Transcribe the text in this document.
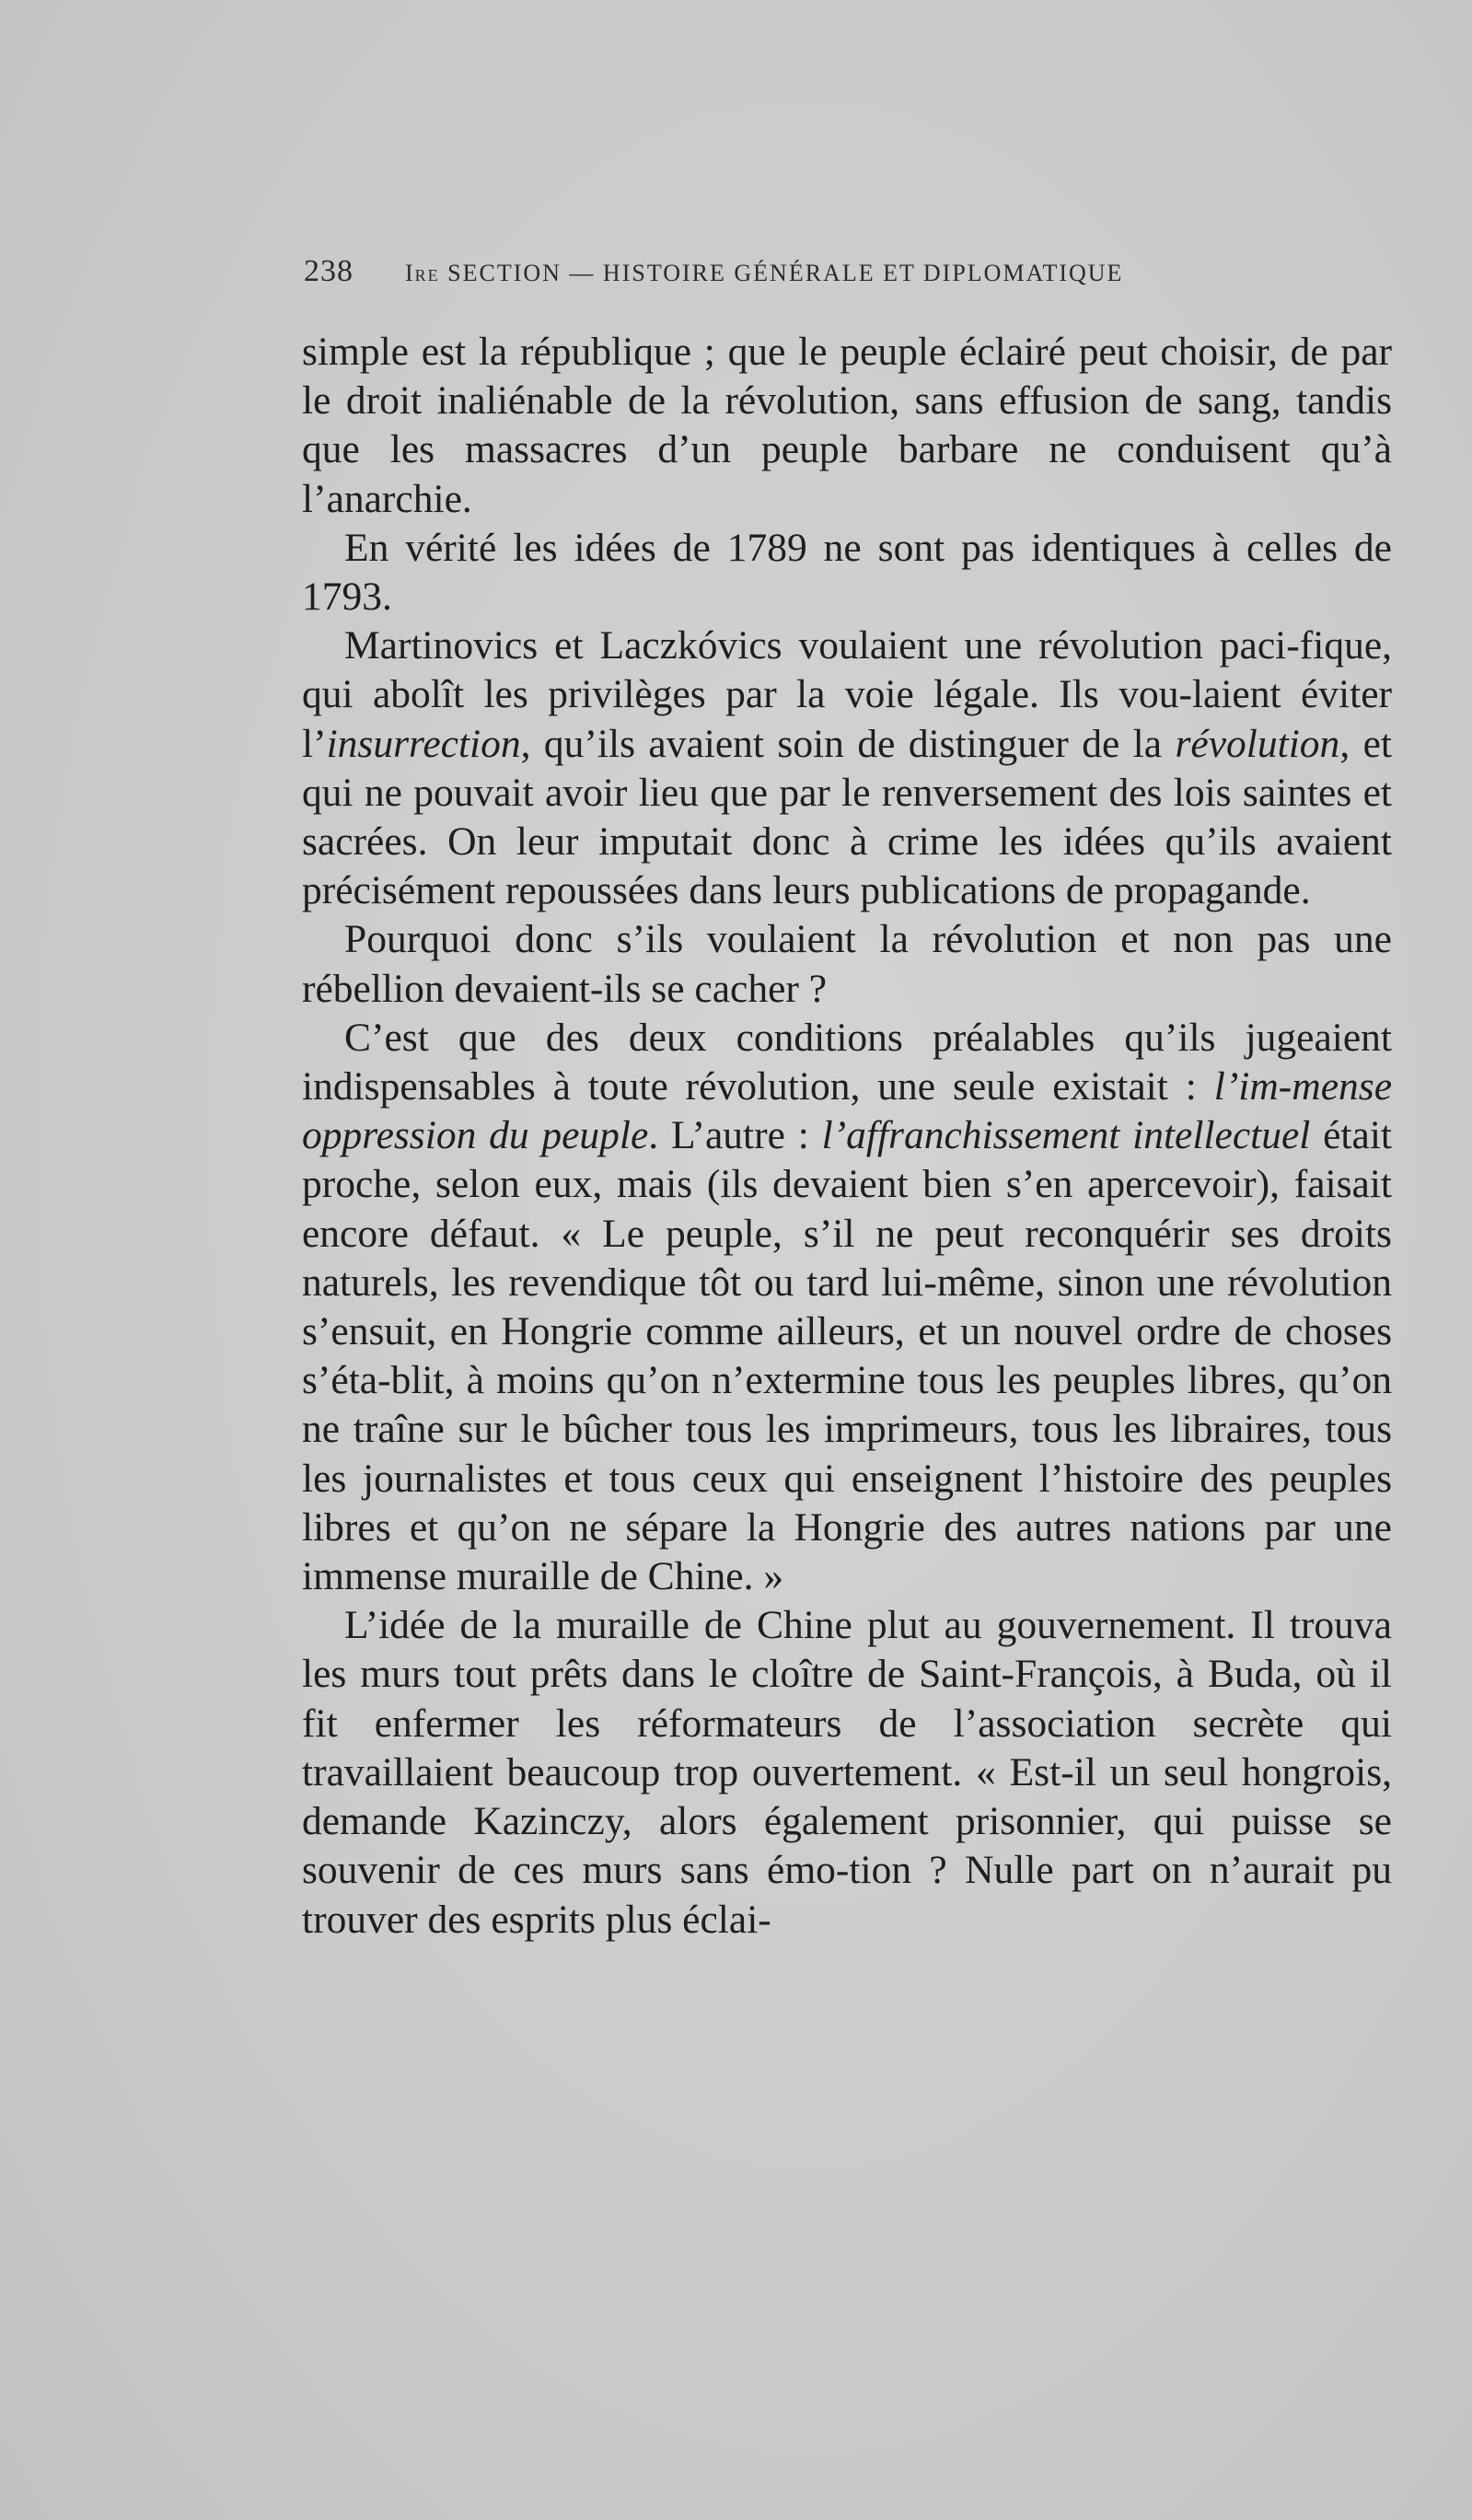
238 Ire SECTION — HISTOIRE GÉNÉRALE ET DIPLOMATIQUE

simple est la république ; que le peuple éclairé peut choisir, de par le droit inaliénable de la révolution, sans effusion de sang, tandis que les massacres d’un peuple barbare ne conduisent qu’à l’anarchie.

En vérité les idées de 1789 ne sont pas identiques à celles de 1793.

Martinovics et Laczkóvics voulaient une révolution paci-fique, qui abolît les privilèges par la voie légale. Ils vou-laient éviter l’insurrection, qu’ils avaient soin de distinguer de la révolution, et qui ne pouvait avoir lieu que par le renversement des lois saintes et sacrées. On leur imputait donc à crime les idées qu’ils avaient précisément repoussées dans leurs publications de propagande.

Pourquoi donc s’ils voulaient la révolution et non pas une rébellion devaient-ils se cacher ?

C’est que des deux conditions préalables qu’ils jugeaient indispensables à toute révolution, une seule existait : l’im-mense oppression du peuple. L’autre : l’affranchissement intellectuel était proche, selon eux, mais (ils devaient bien s’en apercevoir), faisait encore défaut. « Le peuple, s’il ne peut reconquérir ses droits naturels, les revendique tôt ou tard lui-même, sinon une révolution s’ensuit, en Hongrie comme ailleurs, et un nouvel ordre de choses s’éta-blit, à moins qu’on n’extermine tous les peuples libres, qu’on ne traîne sur le bûcher tous les imprimeurs, tous les libraires, tous les journalistes et tous ceux qui enseignent l’histoire des peuples libres et qu’on ne sépare la Hongrie des autres nations par une immense muraille de Chine. »

L’idée de la muraille de Chine plut au gouvernement. Il trouva les murs tout prêts dans le cloître de Saint-François, à Buda, où il fit enfermer les réformateurs de l’association secrète qui travaillaient beaucoup trop ouvertement. « Est-il un seul hongrois, demande Kazinczy, alors également prisonnier, qui puisse se souvenir de ces murs sans émo-tion ? Nulle part on n’aurait pu trouver des esprits plus éclai-
